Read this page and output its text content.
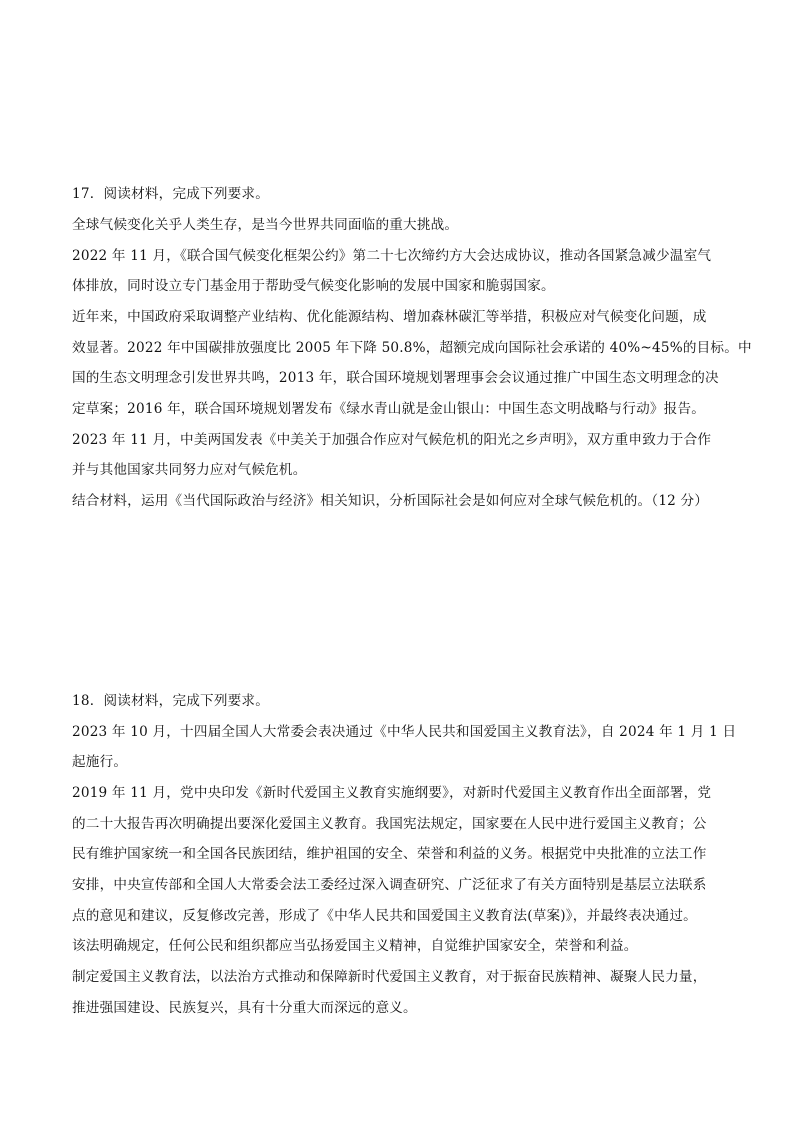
17．阅读材料，完成下列要求。
全球气候变化关乎人类生存，是当今世界共同面临的重大挑战。
2022 年 11 月，《联合国气候变化框架公约》第二十七次缔约方大会达成协议，推动各国紧急减少温室气
体排放，同时设立专门基金用于帮助受气候变化影响的发展中国家和脆弱国家。
近年来，中国政府采取调整产业结构、优化能源结构、增加森林碳汇等举措，积极应对气候变化问题，成
效显著。2022 年中国碳排放强度比 2005 年下降 50.8%，超额完成向国际社会承诺的 40%~45%的目标。中
国的生态文明理念引发世界共鸣，2013 年，联合国环境规划署理事会会议通过推广中国生态文明理念的决
定草案；2016 年，联合国环境规划署发布《绿水青山就是金山银山：中国生态文明战略与行动》报告。
2023 年 11 月，中美两国发表《中美关于加强合作应对气候危机的阳光之乡声明》，双方重申致力于合作
并与其他国家共同努力应对气候危机。
结合材料，运用《当代国际政治与经济》相关知识，分析国际社会是如何应对全球气候危机的。（12 分）
18．阅读材料，完成下列要求。
2023 年 10 月，十四届全国人大常委会表决通过《中华人民共和国爱国主义教育法》，自 2024 年 1 月 1 日
起施行。
2019 年 11 月，党中央印发《新时代爱国主义教育实施纲要》，对新时代爱国主义教育作出全面部署，党
的二十大报告再次明确提出要深化爱国主义教育。我国宪法规定，国家要在人民中进行爱国主义教育；公
民有维护国家统一和全国各民族团结，维护祖国的安全、荣誉和利益的义务。根据党中央批准的立法工作
安排，中央宣传部和全国人大常委会法工委经过深入调查研究、广泛征求了有关方面特别是基层立法联系
点的意见和建议，反复修改完善，形成了《中华人民共和国爱国主义教育法(草案)》，并最终表决通过。
该法明确规定，任何公民和组织都应当弘扬爱国主义精神，自觉维护国家安全，荣誉和利益。
制定爱国主义教育法，以法治方式推动和保障新时代爱国主义教育，对于振奋民族精神、凝聚人民力量，
推进强国建设、民族复兴，具有十分重大而深远的意义。
